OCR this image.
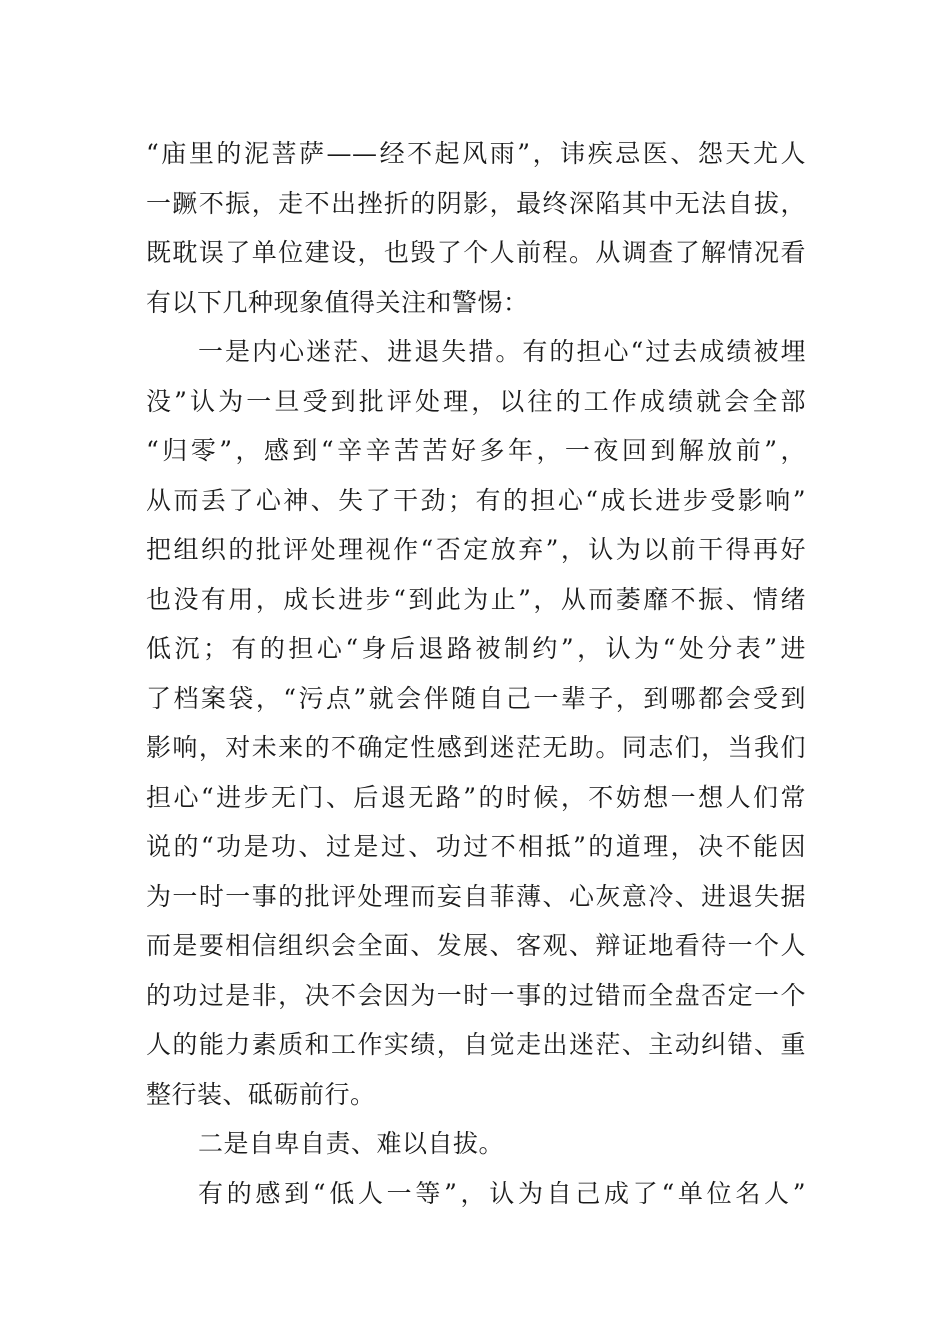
“庙里的泥菩萨——经不起风雨”，讳疾忌医、怨天尤人
一蹶不振，走不出挫折的阴影，最终深陷其中无法自拔，
既耽误了单位建设，也毁了个人前程。从调查了解情况看
有以下几种现象值得关注和警惕：
一是内心迷茫、进退失措。有的担心“过去成绩被埋
没”认为一旦受到批评处理，以往的工作成绩就会全部
“归零”，感到“辛辛苦苦好多年，一夜回到解放前”，
从而丢了心神、失了干劲；有的担心“成长进步受影响”
把组织的批评处理视作“否定放弃”，认为以前干得再好
也没有用，成长进步“到此为止”，从而萎靡不振、情绪
低沉；有的担心“身后退路被制约”，认为“处分表”进
了档案袋，“污点”就会伴随自己一辈子，到哪都会受到
影响，对未来的不确定性感到迷茫无助。同志们，当我们
担心“进步无门、后退无路”的时候，不妨想一想人们常
说的“功是功、过是过、功过不相抵”的道理，决不能因
为一时一事的批评处理而妄自菲薄、心灰意冷、进退失据
而是要相信组织会全面、发展、客观、辩证地看待一个人
的功过是非，决不会因为一时一事的过错而全盘否定一个
人的能力素质和工作实绩，自觉走出迷茫、主动纠错、重
整行装、砥砺前行。
二是自卑自责、难以自拔。
有的感到“低人一等”，认为自己成了“单位名人”
